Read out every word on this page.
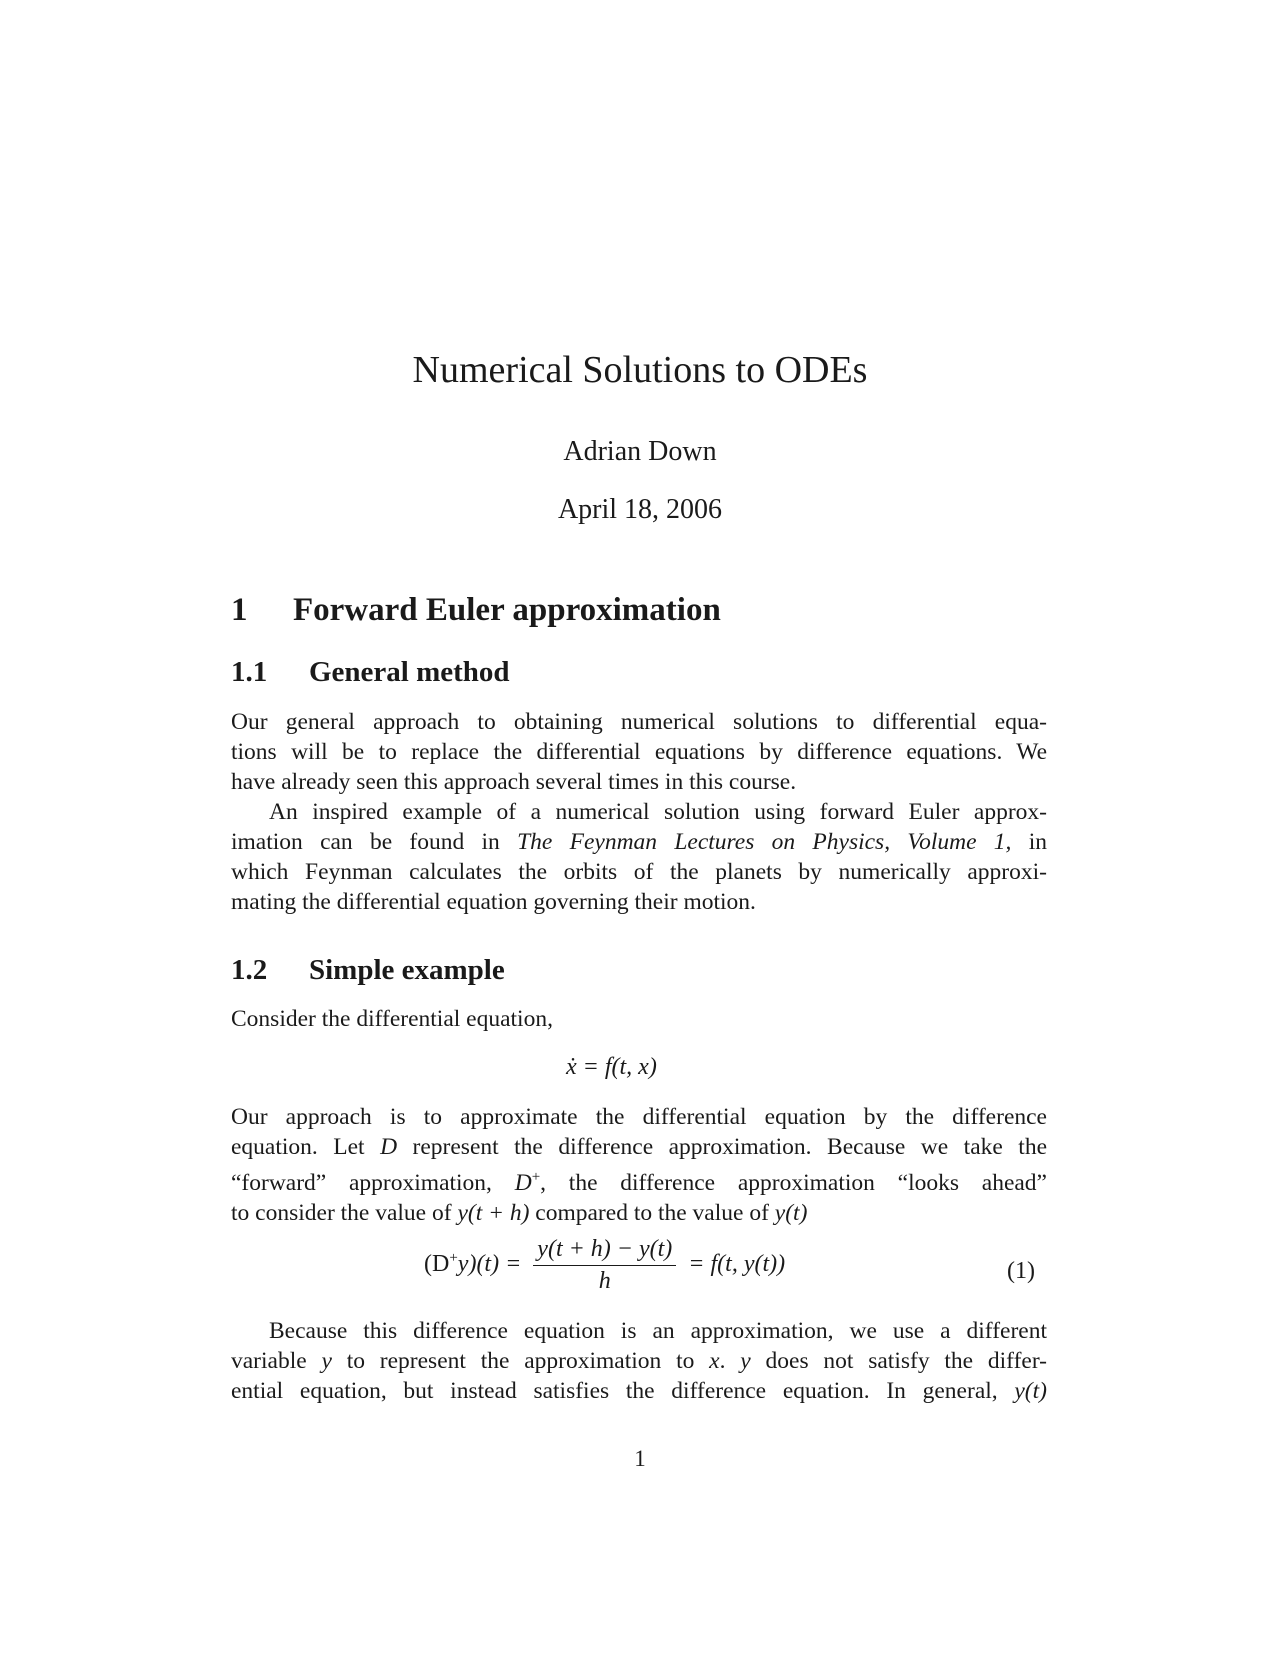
Numerical Solutions to ODEs
Adrian Down
April 18, 2006
1 Forward Euler approximation
1.1 General method
Our general approach to obtaining numerical solutions to differential equa-
tions will be to replace the differential equations by difference equations. We
have already seen this approach several times in this course.
An inspired example of a numerical solution using forward Euler approx-
imation can be found in The Feynman Lectures on Physics, Volume 1, in
which Feynman calculates the orbits of the planets by numerically approxi-
mating the differential equation governing their motion.
1.2 Simple example
Consider the differential equation,
ẋ = f(t, x)
Our approach is to approximate the differential equation by the difference
equation. Let D represent the difference approximation. Because we take the
“forward” approximation, D+, the difference approximation “looks ahead”
to consider the value of y(t + h) compared to the value of y(t)
$(D^+y)(t) = \frac{y(t + h) - y(t)}{h} = f(t$, y(t))	(1)
Because this difference equation is an approximation, we use a different
variable y to represent the approximation to x. y does not satisfy the differ-
ential equation, but instead satisfies the difference equation. In general, y(t)
1
